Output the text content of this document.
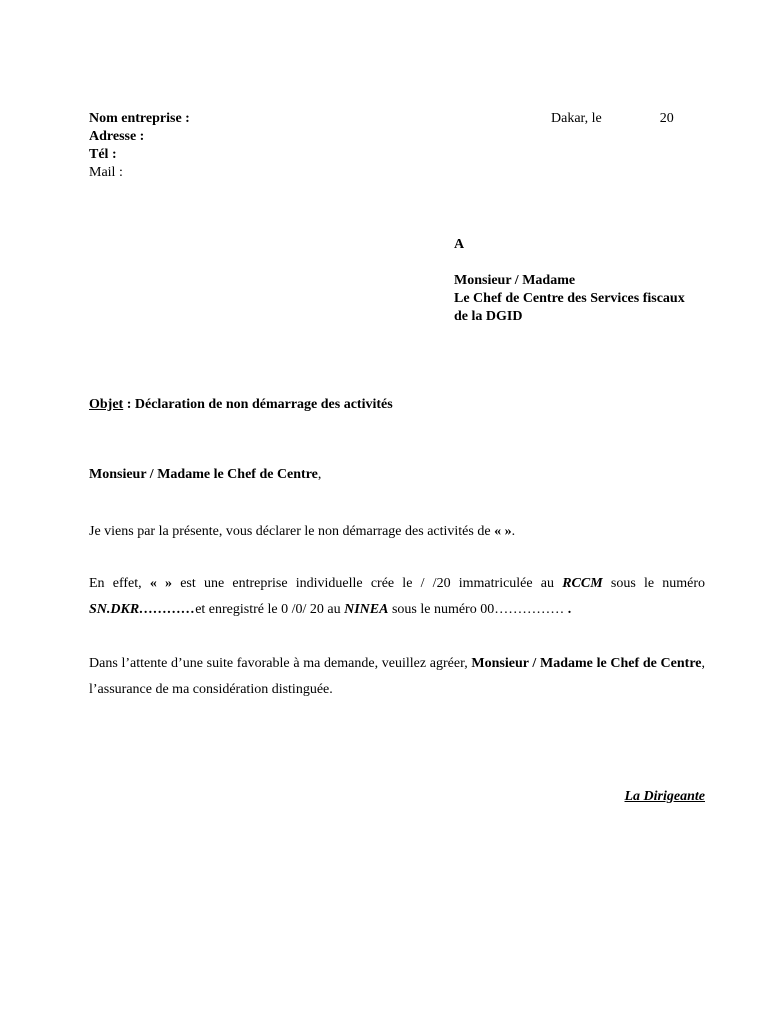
Nom entreprise :
Adresse :
Tél :
Mail :
Dakar, le	20
A
Monsieur / Madame
Le Chef de Centre des Services fiscaux
de la DGID
Objet : Déclaration de non démarrage des activités
Monsieur / Madame le Chef de Centre,
Je viens par la présente, vous déclarer le non démarrage des activités de « ».
En effet, « » est une entreprise individuelle crée le / /20 immatriculée au RCCM sous le numéro SN.DKR…………et enregistré le 0 /0/ 20 au NINEA sous le numéro 00…………… .
Dans l’attente d’une suite favorable à ma demande, veuillez agréer, Monsieur / Madame le Chef de Centre, l’assurance de ma considération distinguée.
La Dirigeante
